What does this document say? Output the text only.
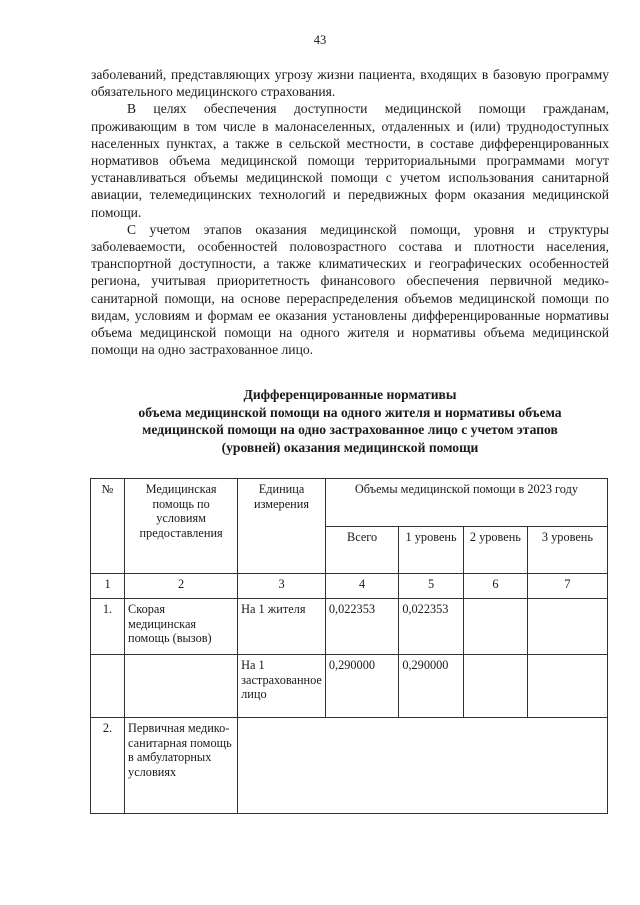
43

заболеваний, представляющих угрозу жизни пациента, входящих в базовую программу обязательного медицинского страхования.

В целях обеспечения доступности медицинской помощи гражданам, проживающим в том числе в малонаселенных, отдаленных и (или) труднодоступных населенных пунктах, а также в сельской местности, в составе дифференцированных нормативов объема медицинской помощи территориальными программами могут устанавливаться объемы медицинской помощи с учетом использования санитарной авиации, телемедицинских технологий и передвижных форм оказания медицинской помощи.

С учетом этапов оказания медицинской помощи, уровня и структуры заболеваемости, особенностей половозрастного состава и плотности населения, транспортной доступности, а также климатических и географических особенностей региона, учитывая приоритетность финансового обеспечения первичной медико-санитарной помощи, на основе перераспределения объемов медицинской помощи по видам, условиям и формам ее оказания установлены дифференцированные нормативы объема медицинской помощи на одного жителя и нормативы объема медицинской помощи на одно застрахованное лицо.

Дифференцированные нормативы
объема медицинской помощи на одного жителя и нормативы объема
медицинской помощи на одно застрахованное лицо с учетом этапов
(уровней) оказания медицинской помощи
№	Медицинская помощь по условиям предоставления	Единица измерения	Объемы медицинской помощи в 2023 году			
			Всего	1 уровень	2 уровень	3 уровень
1	2	3	4	5	6	7
1.	Скорая медицинская помощь (вызов)	На 1 жителя	0,022353	0,022353		
		На 1 застрахованное лицо	0,290000	0,290000		
2.	Первичная медико-санитарная помощь в амбулаторных условиях					
